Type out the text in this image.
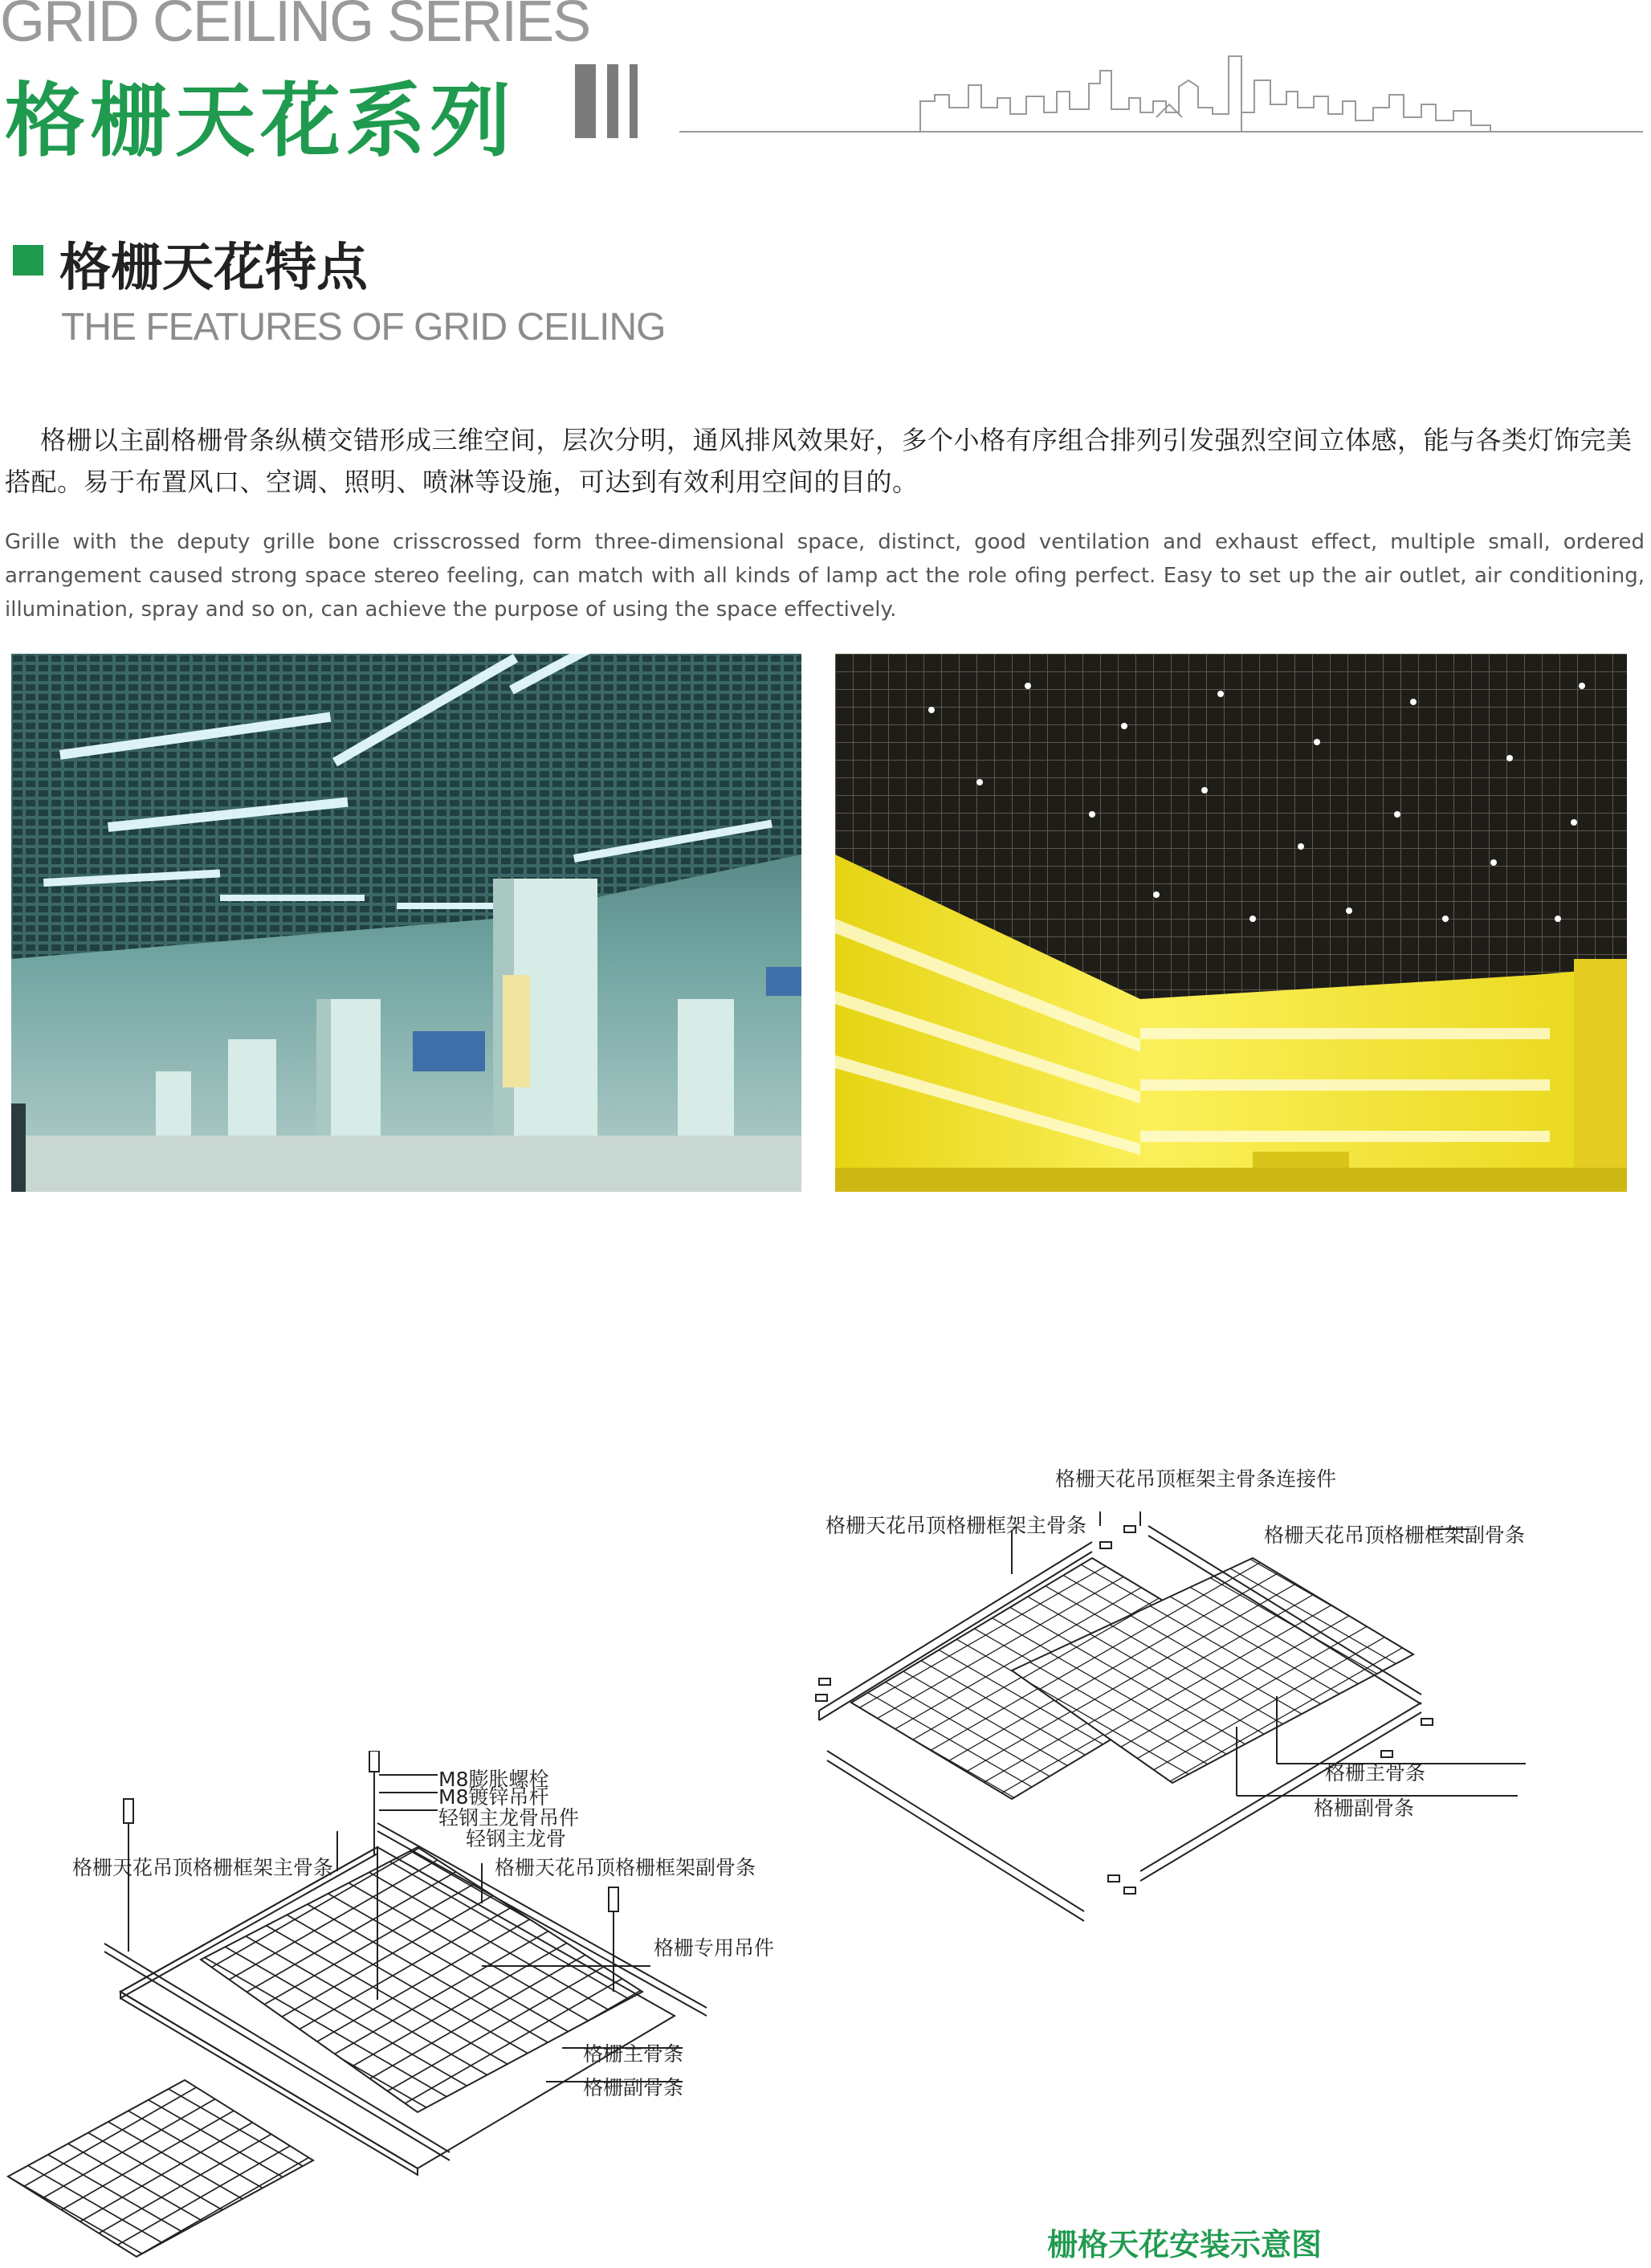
GRID CEILING SERIES
格栅天花系列
格栅天花特点
THE FEATURES OF GRID CEILING
格栅以主副格栅骨条纵横交错形成三维空间，层次分明，通风排风效果好，多个小格有序组合排列引发强烈空间立体感，能与各类灯饰完美搭配。易于布置风口、空调、照明、喷淋等设施，可达到有效利用空间的目的。
Grille with the deputy grille bone crisscrossed form three-dimensional space, distinct, good ventilation and exhaust effect, multiple small, ordered arrangement caused strong space stereo feeling, can match with all kinds of lamp act the role ofing perfect. Easy to set up the air outlet, air conditioning, illumination, spray and so on, can achieve the purpose of using the space effectively.
格栅天花吊顶框架主骨条连接件
格栅天花吊顶格栅框架主骨条	格栅天花吊顶格栅框架副骨条
格栅主骨条
格栅副骨条
M8膨胀螺栓
M8镀锌吊杆
轻钢主龙骨吊件
轻钢主龙骨
格栅天花吊顶格栅框架主骨条	格栅天花吊顶格栅框架副骨条
格栅专用吊件
格栅主骨条
格栅副骨条
栅格天花安装示意图
